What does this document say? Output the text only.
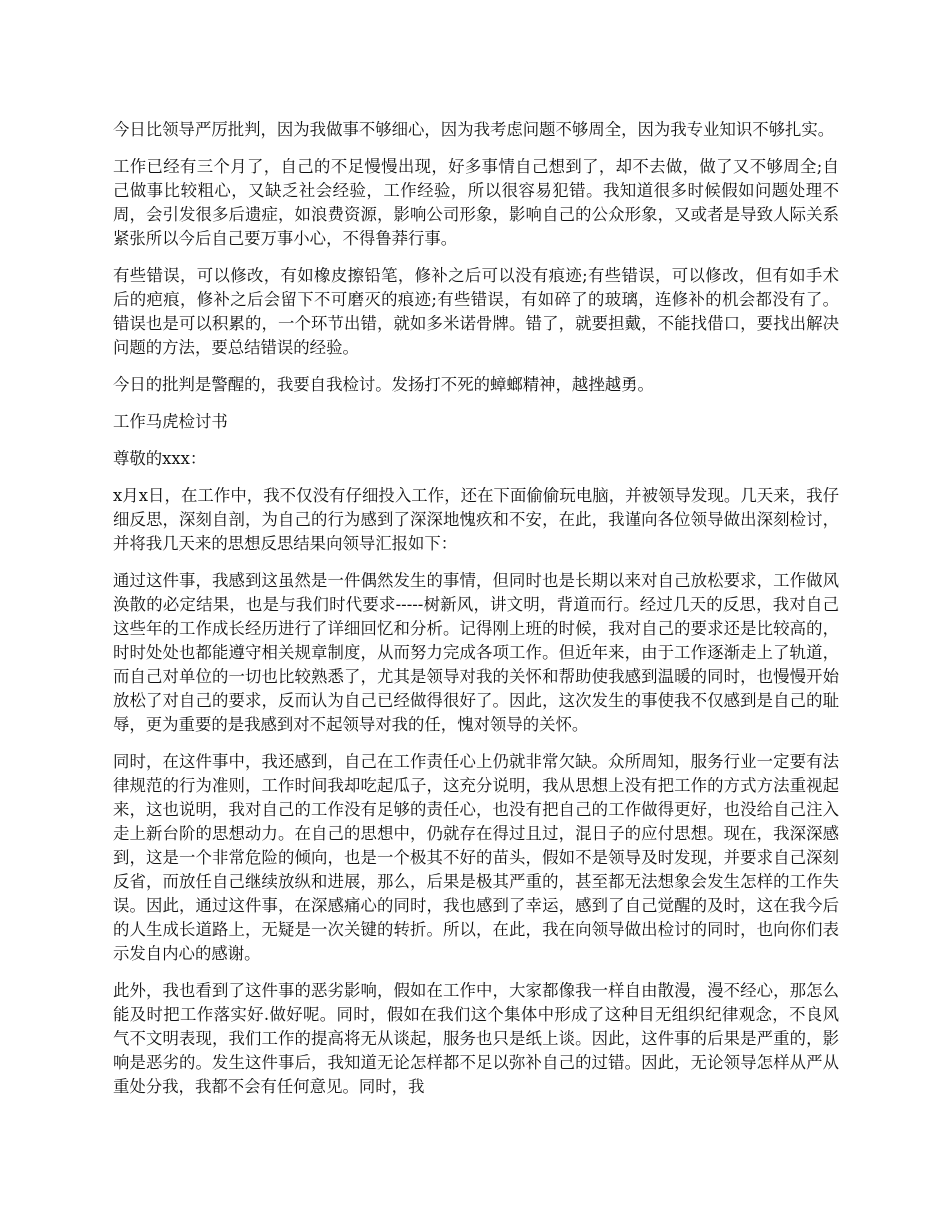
今日比领导严厉批判，因为我做事不够细心，因为我考虑问题不够周全，因为我专业知识不够扎实。

工作已经有三个月了，自己的不足慢慢出现，好多事情自己想到了，却不去做，做了又不够周全;自己做事比较粗心，又缺乏社会经验，工作经验，所以很容易犯错。我知道很多时候假如问题处理不周，会引发很多后遗症，如浪费资源，影响公司形象，影响自己的公众形象，又或者是导致人际关系紧张所以今后自己要万事小心，不得鲁莽行事。

有些错误，可以修改，有如橡皮擦铅笔，修补之后可以没有痕迹;有些错误，可以修改，但有如手术后的疤痕，修补之后会留下不可磨灭的痕迹;有些错误，有如碎了的玻璃，连修补的机会都没有了。错误也是可以积累的，一个环节出错，就如多米诺骨牌。错了，就要担戴，不能找借口，要找出解决问题的方法，要总结错误的经验。

今日的批判是警醒的，我要自我检讨。发扬打不死的蟑螂精神，越挫越勇。

工作马虎检讨书

尊敬的xxx：

x月x日，在工作中，我不仅没有仔细投入工作，还在下面偷偷玩电脑，并被领导发现。几天来，我仔细反思，深刻自剖，为自己的行为感到了深深地愧疚和不安，在此，我谨向各位领导做出深刻检讨，并将我几天来的思想反思结果向领导汇报如下：

通过这件事，我感到这虽然是一件偶然发生的事情，但同时也是长期以来对自己放松要求，工作做风涣散的必定结果，也是与我们时代要求-----树新风，讲文明，背道而行。经过几天的反思，我对自己这些年的工作成长经历进行了详细回忆和分析。记得刚上班的时候，我对自己的要求还是比较高的，时时处处也都能遵守相关规章制度，从而努力完成各项工作。但近年来，由于工作逐渐走上了轨道，而自己对单位的一切也比较熟悉了，尤其是领导对我的关怀和帮助使我感到温暖的同时，也慢慢开始放松了对自己的要求，反而认为自己已经做得很好了。因此，这次发生的事使我不仅感到是自己的耻辱，更为重要的是我感到对不起领导对我的任，愧对领导的关怀。

同时，在这件事中，我还感到，自己在工作责任心上仍就非常欠缺。众所周知，服务行业一定要有法律规范的行为准则，工作时间我却吃起瓜子，这充分说明，我从思想上没有把工作的方式方法重视起来，这也说明，我对自己的工作没有足够的责任心，也没有把自己的工作做得更好，也没给自己注入走上新台阶的思想动力。在自己的思想中，仍就存在得过且过，混日子的应付思想。现在，我深深感到，这是一个非常危险的倾向，也是一个极其不好的苗头，假如不是领导及时发现，并要求自己深刻反省，而放任自己继续放纵和进展，那么，后果是极其严重的，甚至都无法想象会发生怎样的工作失误。因此，通过这件事，在深感痛心的同时，我也感到了幸运，感到了自己觉醒的及时，这在我今后的人生成长道路上，无疑是一次关键的转折。所以，在此，我在向领导做出检讨的同时，也向你们表示发自内心的感谢。

此外，我也看到了这件事的恶劣影响，假如在工作中，大家都像我一样自由散漫，漫不经心，那怎么能及时把工作落实好.做好呢。同时，假如在我们这个集体中形成了这种目无组织纪律观念，不良风气不文明表现，我们工作的提高将无从谈起，服务也只是纸上谈。因此，这件事的后果是严重的，影响是恶劣的。发生这件事后，我知道无论怎样都不足以弥补自己的过错。因此，无论领导怎样从严从重处分我，我都不会有任何意见。同时，我
